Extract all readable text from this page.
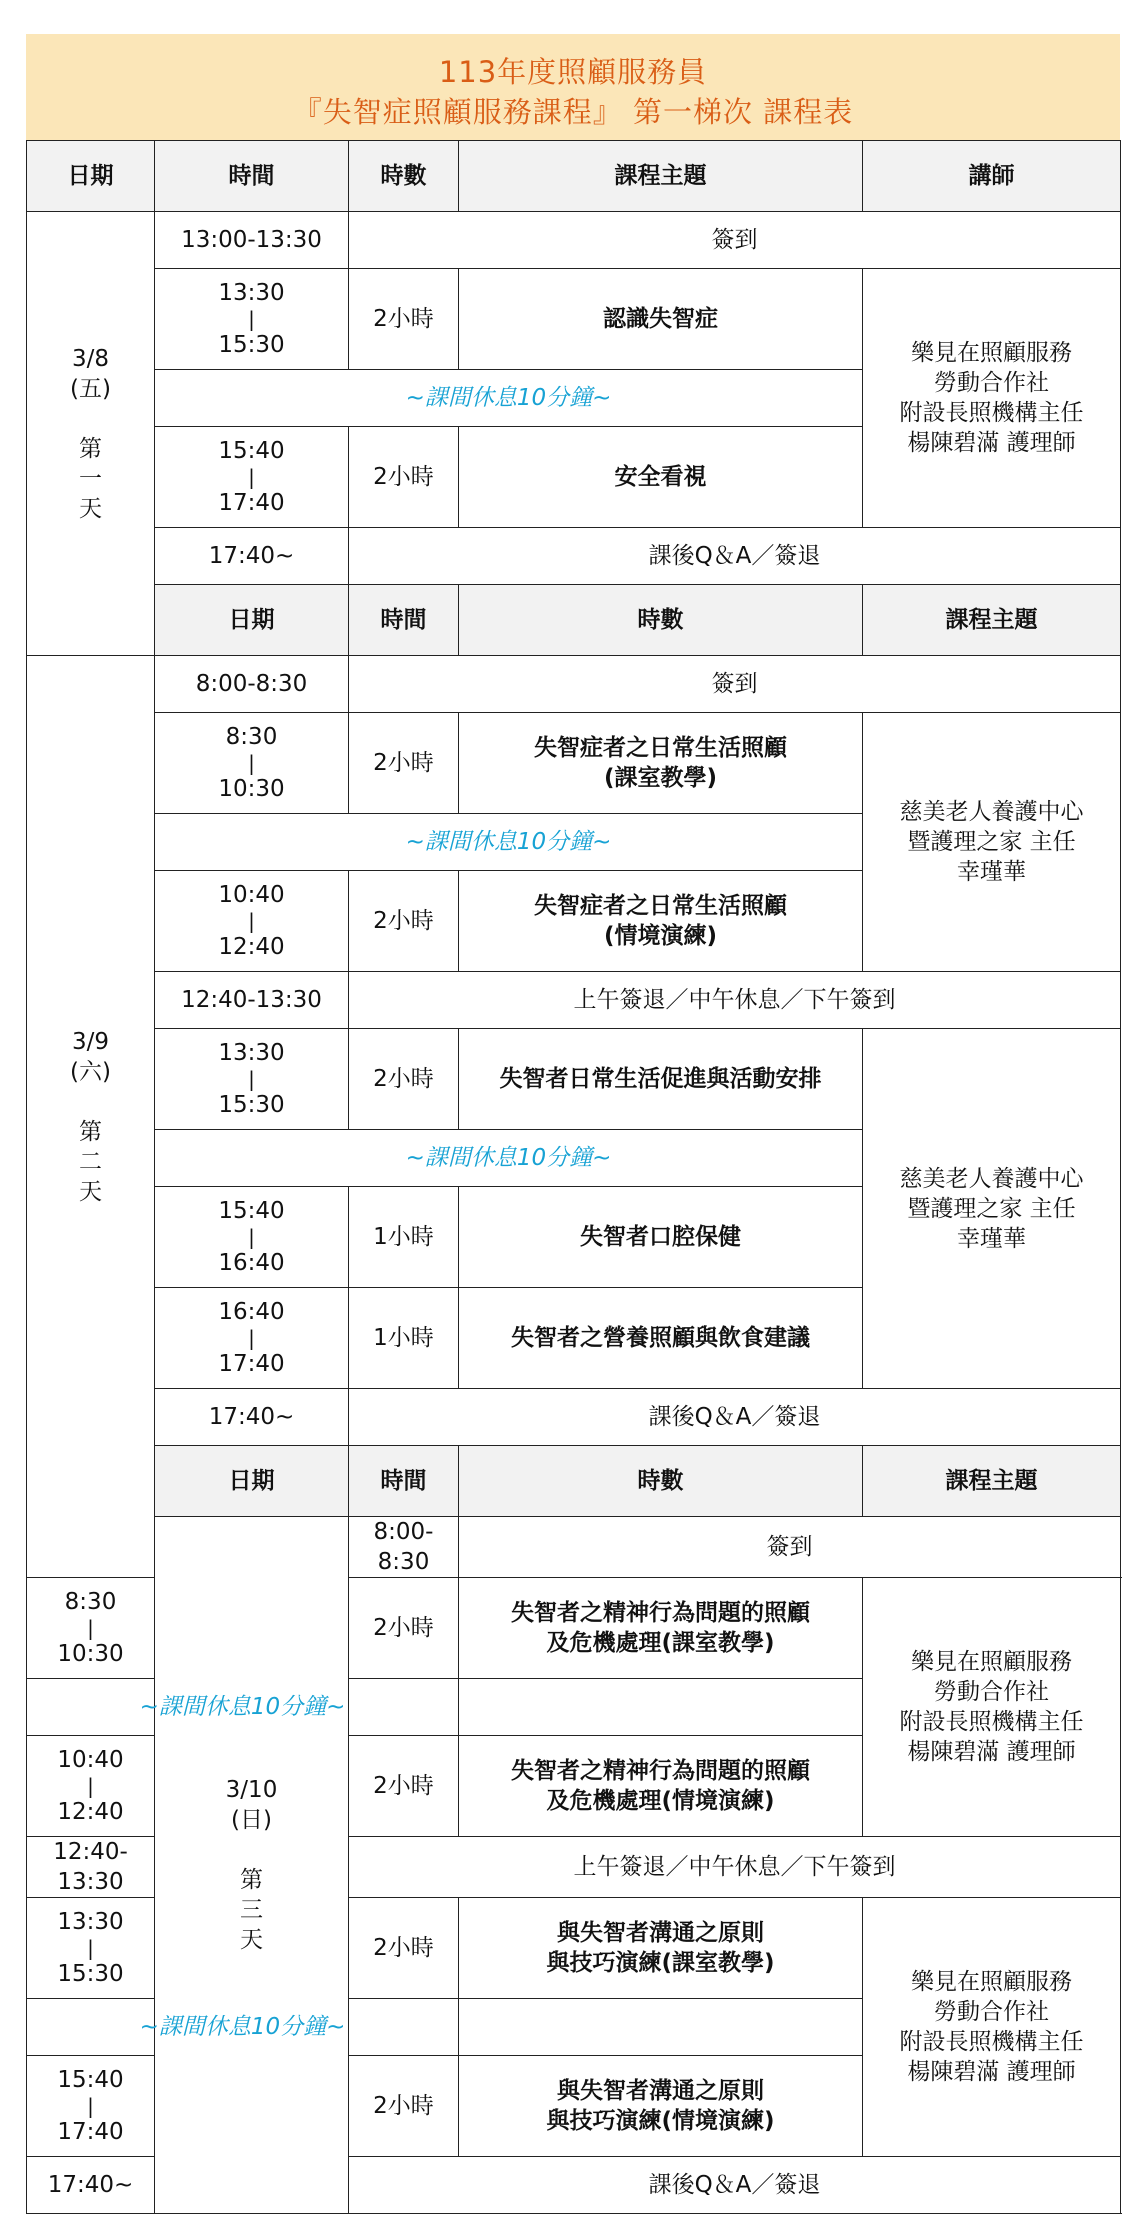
113年度照顧服務員
『失智症照顧服務課程』 第一梯次 課程表
日期	時間	時數	課程主題	講師	

3/8
(五)
第
一
天	13:00-13:30	簽到			

	13:30
|
15:30	2小時	認識失智症	樂見在照顧服務
勞動合作社
附設長照機構主任
楊陳碧滿 護理師	

	~課間休息10分鐘~				

	15:40
|
17:40	2小時	安全看視		

	17:40~	課後Q＆A／簽退			
	日期	時間	時數	課程主題	

3/9
(六)
第
二
天	8:00-8:30	簽到			

	8:30
|
10:30	2小時	失智症者之日常生活照顧
(課室教學)	慈美老人養護中心
暨護理之家 主任
幸瑾華	

	~課間休息10分鐘~				

	10:40
|
12:40	2小時	失智症者之日常生活照顧
(情境演練)		

	12:40-13:30	上午簽退／中午休息／下午簽到			

	13:30
|
15:30	2小時	失智者日常生活促進與活動安排	慈美老人養護中心
暨護理之家 主任
幸瑾華	

	~課間休息10分鐘~				

	15:40
|
16:40	1小時	失智者口腔保健		

	16:40
|
17:40	1小時	失智者之營養照顧與飲食建議		

	17:40~	課後Q＆A／簽退			
	日期	時間	時數	課程主題	

	3/10
(日)
第
三
天	8:00-8:30	簽到		

8:30
|
10:30		2小時	失智者之精神行為問題的照顧
及危機處理(課室教學)	樂見在照顧服務
勞動合作社
附設長照機構主任
楊陳碧滿 護理師	

~課間休息10分鐘~					

10:40
|
12:40		2小時	失智者之精神行為問題的照顧
及危機處理(情境演練)		

12:40-13:30		上午簽退／中午休息／下午簽到			

13:30
|
15:30		2小時	與失智者溝通之原則
與技巧演練(課室教學)	樂見在照顧服務
勞動合作社
附設長照機構主任
楊陳碧滿 護理師	

~課間休息10分鐘~					

15:40
|
17:40		2小時	與失智者溝通之原則
與技巧演練(情境演練)		

17:40~		課後Q＆A／簽退			
